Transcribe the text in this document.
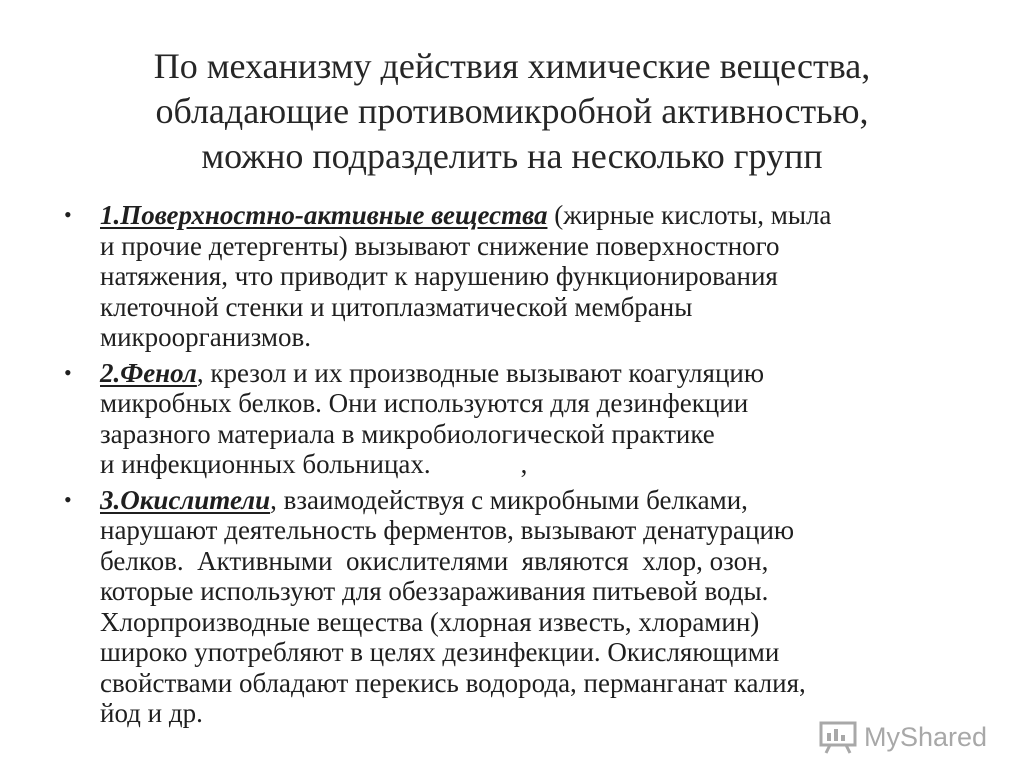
По механизму действия химические вещества,
обладающие противомикробной активностью,
можно подразделить на несколько групп
•	1.Поверхностно-активные вещества (жирные кислоты, мыла
и прочие детергенты) вызывают снижение поверхностного
натяжения, что приводит к нарушению функционирования
клеточной стенки и цитоплазматической мембраны
микроорганизмов.
•	2.Фенол, крезол и их производные вызывают коагуляцию
микробных белков. Они используются для дезинфекции
заразного материала в микробиологической практике
и инфекционных больницах.	,
•	3.Окислители, взаимодействуя с микробными белками,
нарушают деятельность ферментов, вызывают денатурацию
белков.  Активными  окислителями  являются  хлор, озон,
которые используют для обеззараживания питьевой воды.
Хлорпроизводные вещества (хлорная известь, хлорамин)
широко употребляют в целях дезинфекции. Окисляющими
свойствами обладают перекись водорода, перманганат калия,
йод и др.
MyShared
